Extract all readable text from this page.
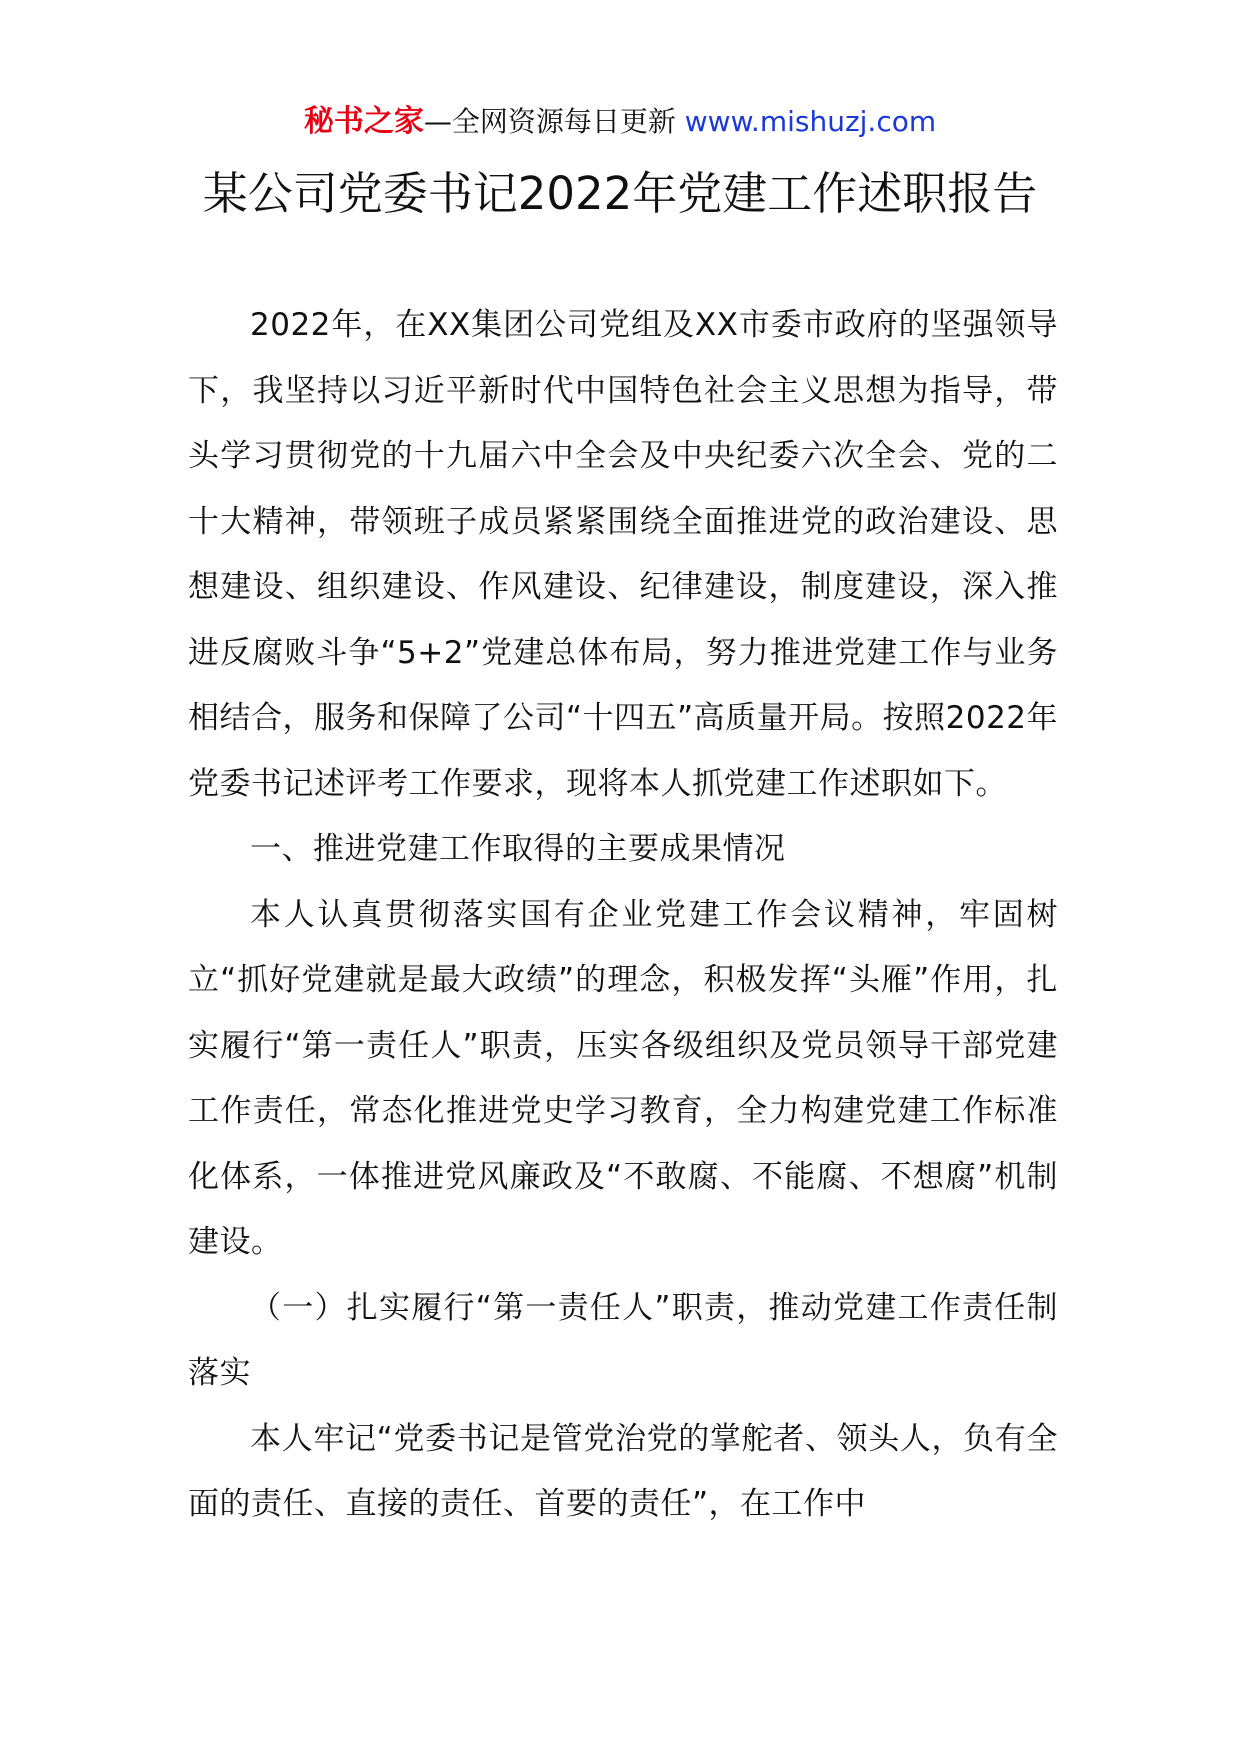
秘书之家—全网资源每日更新 www.mishuzj.com
某公司党委书记2022年党建工作述职报告

2022年，在XX集团公司党组及XX市委市政府的坚强领导下，我坚持以习近平新时代中国特色社会主义思想为指导，带头学习贯彻党的十九届六中全会及中央纪委六次全会、党的二十大精神，带领班子成员紧紧围绕全面推进党的政治建设、思想建设、组织建设、作风建设、纪律建设，制度建设，深入推进反腐败斗争“5+2”党建总体布局，努力推进党建工作与业务相结合，服务和保障了公司“十四五”高质量开局。按照2022年党委书记述评考工作要求，现将本人抓党建工作述职如下。

一、推进党建工作取得的主要成果情况

本人认真贯彻落实国有企业党建工作会议精神，牢固树立“抓好党建就是最大政绩”的理念，积极发挥“头雁”作用，扎实履行“第一责任人”职责，压实各级组织及党员领导干部党建工作责任，常态化推进党史学习教育，全力构建党建工作标准化体系，一体推进党风廉政及“不敢腐、不能腐、不想腐”机制建设。

（一）扎实履行“第一责任人”职责，推动党建工作责任制落实

本人牢记“党委书记是管党治党的掌舵者、领头人，负有全面的责任、直接的责任、首要的责任”，在工作中
